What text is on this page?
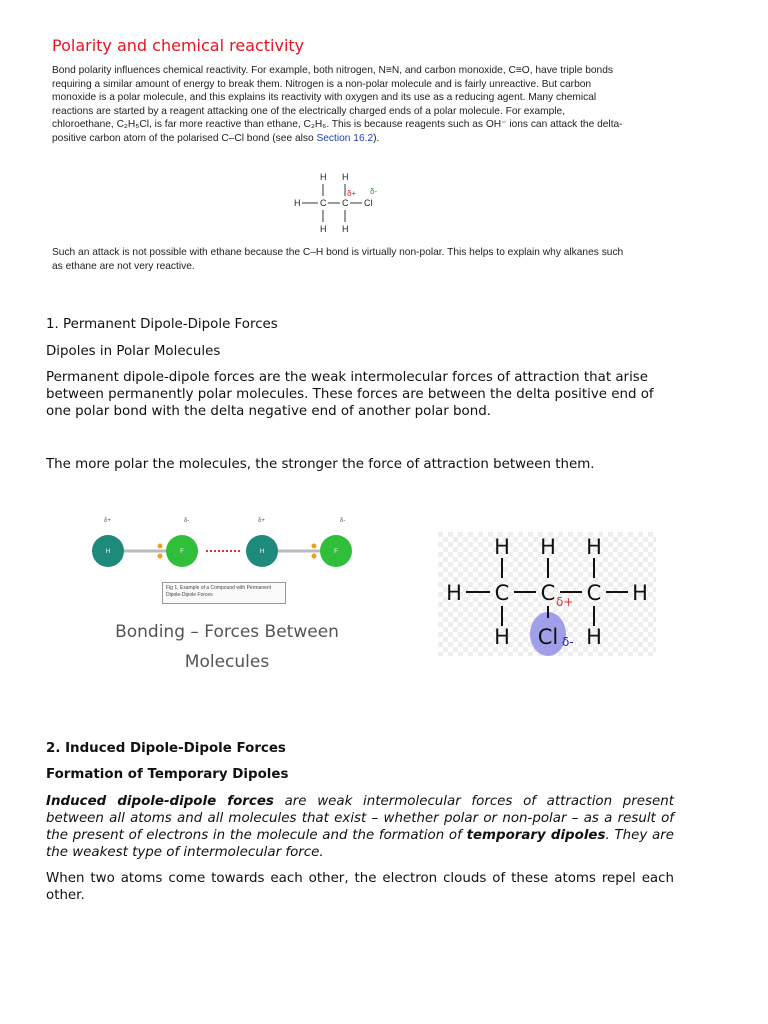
Polarity and chemical reactivity
Bond polarity influences chemical reactivity. For example, both nitrogen, N≡N, and carbon monoxide, C≡O, have triple bonds requiring a similar amount of energy to break them. Nitrogen is a non-polar molecule and is fairly unreactive. But carbon monoxide is a polar molecule, and this explains its reactivity with oxygen and its use as a reducing agent. Many chemical reactions are started by a reagent attacking one of the electrically charged ends of a polar molecule. For example, chloroethane, C₂H₅Cl, is far more reactive than ethane, C₂H₆. This is because reagents such as OH⁻ ions can attack the delta-positive carbon atom of the polarised C–Cl bond (see also Section 16.2).
H H
H C C Cl
H H
δ+ δ-
Such an attack is not possible with ethane because the C–H bond is virtually non-polar. This helps to explain why alkanes such as ethane are not very reactive.
1. Permanent Dipole-Dipole Forces
Dipoles in Polar Molecules
Permanent dipole-dipole forces are the weak intermolecular forces of attraction that arise between permanently polar molecules. These forces are between the delta positive end of one polar bond with the delta negative end of another polar bond.
The more polar the molecules, the stronger the force of attraction between them.
δ+	δ-	δ+	δ-
H	F	H	F
Fig 1. Example of a Compound with Permanent Dipole-Dipole Forces
Bonding – Forces Between
Molecules
H H H
H C C C H
H Cl H
δ+
δ-
2. Induced Dipole-Dipole Forces
Formation of Temporary Dipoles
Induced dipole-dipole forces are weak intermolecular forces of attraction present between all atoms and all molecules that exist – whether polar or non-polar – as a result of the present of electrons in the molecule and the formation of temporary dipoles. They are the weakest type of intermolecular force.
When two atoms come towards each other, the electron clouds of these atoms repel each other.
